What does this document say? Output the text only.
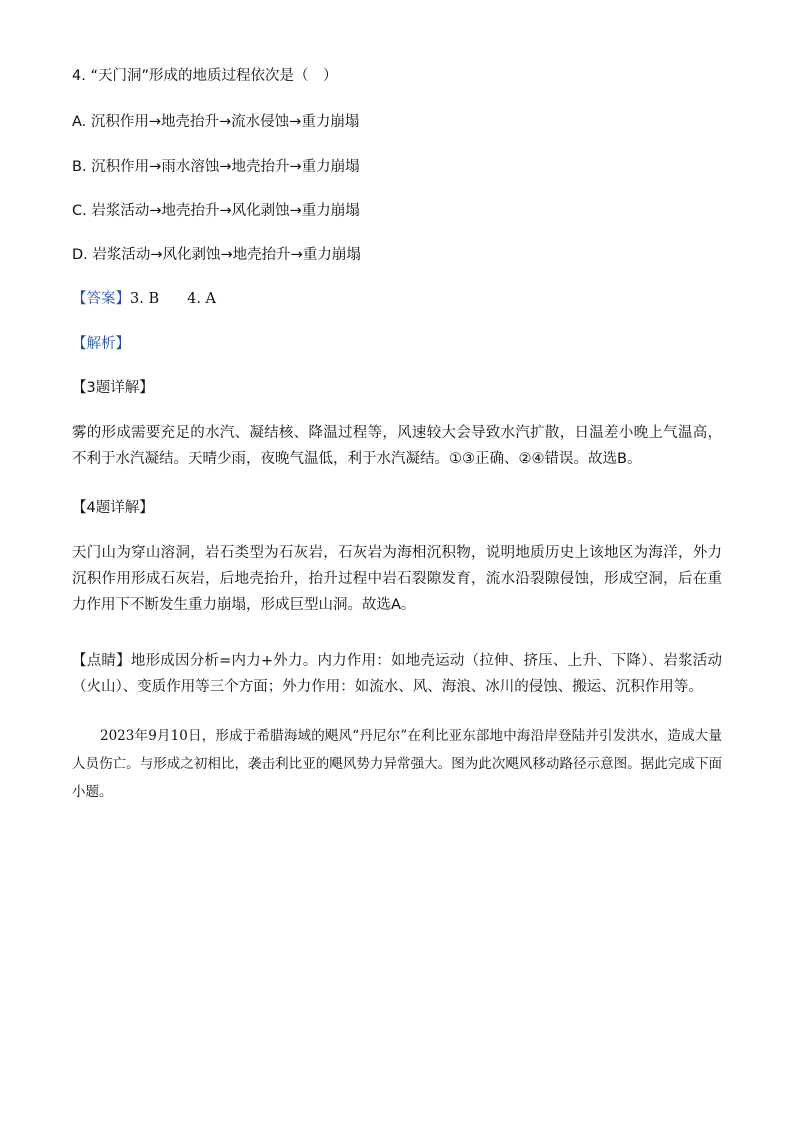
4. “天门洞”形成的地质过程依次是（　）
A. 沉积作用→地壳抬升→流水侵蚀→重力崩塌
B. 沉积作用→雨水溶蚀→地壳抬升→重力崩塌
C. 岩浆活动→地壳抬升→风化剥蚀→重力崩塌
D. 岩浆活动→风化剥蚀→地壳抬升→重力崩塌
【答案】3. B 4. A
【解析】
【3题详解】
雾的形成需要充足的水汽、凝结核、降温过程等，风速较大会导致水汽扩散，日温差小晚上气温高，不利于水汽凝结。天晴少雨，夜晚气温低，利于水汽凝结。①③正确、②④错误。故选B。
【4题详解】
天门山为穿山溶洞，岩石类型为石灰岩，石灰岩为海相沉积物，说明地质历史上该地区为海洋，外力沉积作用形成石灰岩，后地壳抬升，抬升过程中岩石裂隙发育，流水沿裂隙侵蚀，形成空洞，后在重力作用下不断发生重力崩塌，形成巨型山洞。故选A。
【点睛】地形成因分析=内力+外力。内力作用：如地壳运动（拉伸、挤压、上升、下降）、岩浆活动（火山）、变质作用等三个方面；外力作用：如流水、风、海浪、冰川的侵蚀、搬运、沉积作用等。
2023年9月10日，形成于希腊海域的飓风“丹尼尔”在利比亚东部地中海沿岸登陆并引发洪水，造成大量人员伤亡。与形成之初相比，袭击利比亚的飓风势力异常强大。图为此次飓风移动路径示意图。据此完成下面小题。
